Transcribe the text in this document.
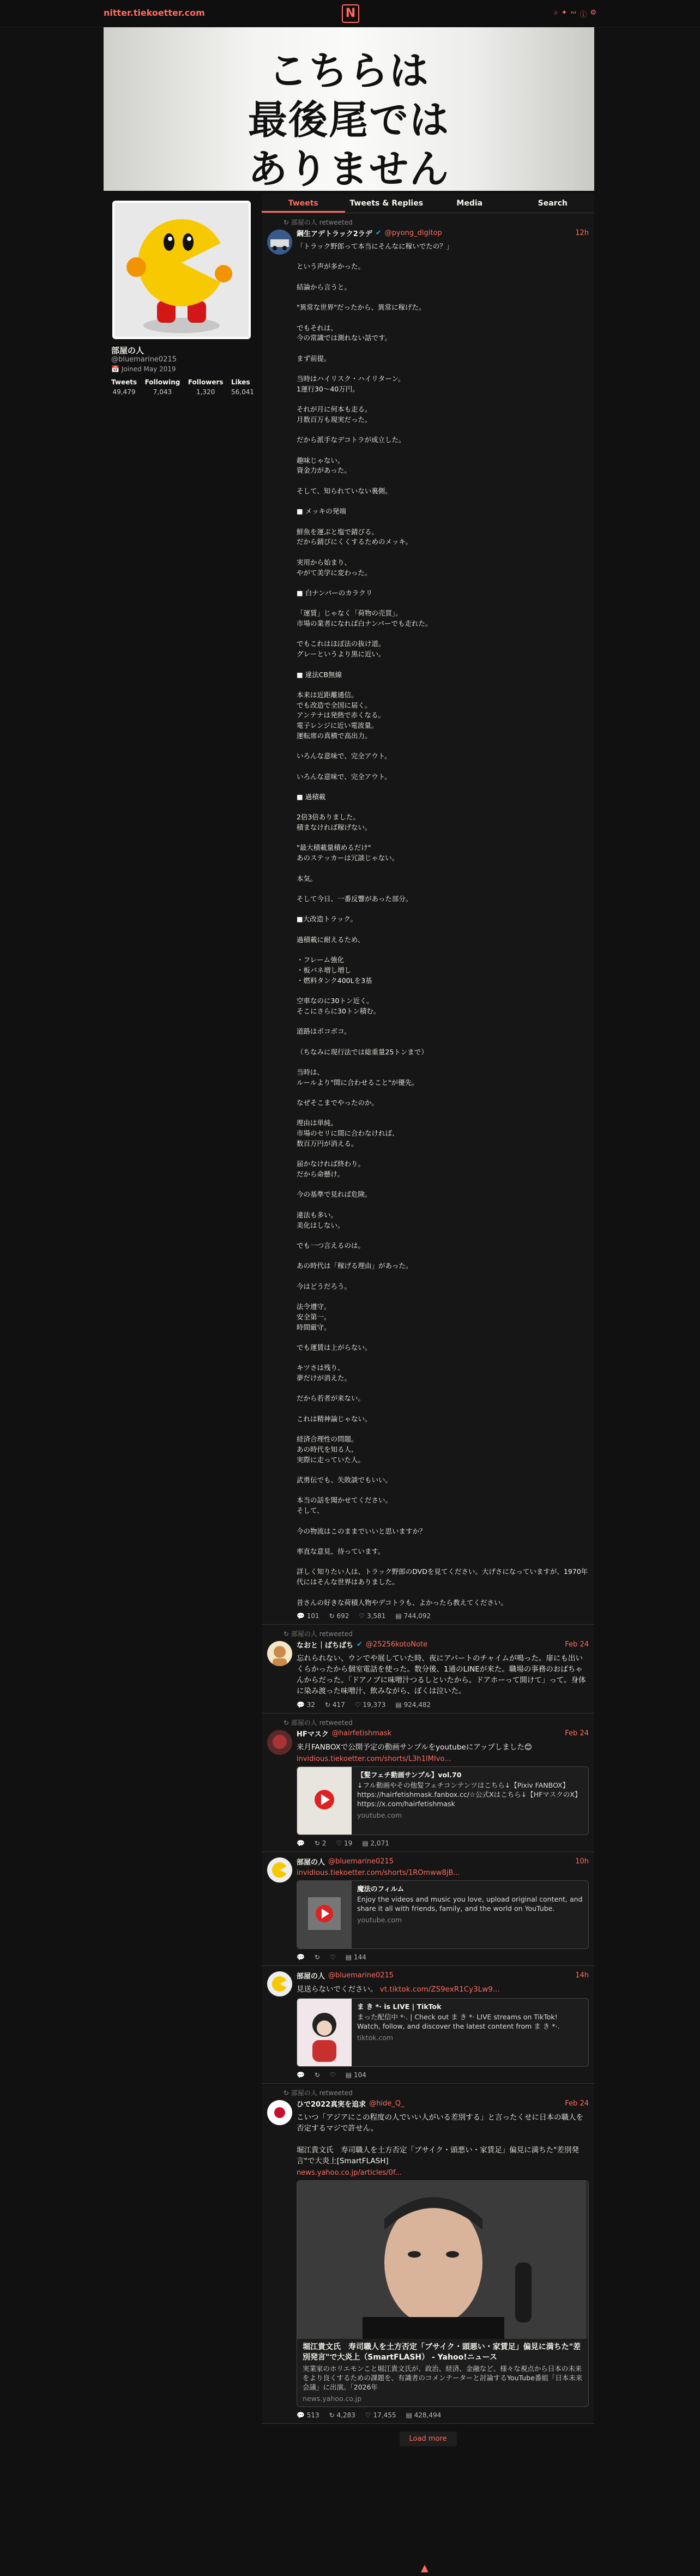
nitter.tiekoetter.com	N	⌕ ✦ ∾ ⓘ ⚙
こちらは
最後尾では
ありません
部屋の人
@bluemarine0215
📅 Joined May 2019
Tweets
49,479
Following
7,043
Followers
1,320
Likes
56,041
Tweets	Tweets & Replies	Media	Search
↻ 部屋の人 retweeted
鋼生アデトラック2ラデ ✔ @pyong_digitop	12h
「トラック野郎って本当にそんなに稼いでたの？」

という声が多かった。

結論から言うと。

"異常な世界"だったから、異常に稼げた。

でもそれは、
今の常識では測れない話です。

まず前提。

当時はハイリスク・ハイリターン。
1運行30〜40万円。

それが月に何本も走る。
月数百万も現実だった。

だから派手なデコトラが成立した。

趣味じゃない。
資金力があった。

そして、知られていない裏側。

■ メッキの発端

鮮魚を運ぶと塩で錆びる。
だから錆びにくくするためのメッキ。

実用から始まり、
やがて美学に変わった。

■ 白ナンバーのカラクリ

「運賃」じゃなく「荷物の売買」。
市場の業者になれば白ナンバーでも走れた。

でもこれはほぼ法の抜け道。
グレーというより黒に近い。

■ 違法CB無線

本来は近距離通信。
でも改造で全国に届く。
アンテナは発熱で赤くなる。
電子レンジに近い電波量。
運転席の真横で高出力。

いろんな意味で、完全アウト。

いろんな意味で、完全アウト。

■ 過積載

2倍3倍ありました。
積まなければ稼げない。

"最大積載量積めるだけ"
あのステッカーは冗談じゃない。

本気。

そして今日、一番反響があった部分。

■大改造トラック。

過積載に耐えるため、

・フレーム強化
・板バネ増し増し
・燃料タンク400Lを3基

空車なのに30トン近く。
そこにさらに30トン積む。

道路はボコボコ。

（ちなみに現行法では総重量25トンまで）

当時は、
ルールより"間に合わせること"が優先。

なぜそこまでやったのか。

理由は単純。
市場のセリに間に合わなければ、
数百万円が消える。

届かなければ終わり。
だから命懸け。

今の基準で見れば危険。

違法も多い。
美化はしない。

でも一つ言えるのは。

あの時代は「稼げる理由」があった。

今はどうだろう。

法令遵守。
安全第一。
時間厳守。

でも運賃は上がらない。

キツさは残り、
夢だけが消えた。

だから若者が来ない。

これは精神論じゃない。

経済合理性の問題。
あの時代を知る人、
実際に走っていた人。

武勇伝でも、失敗談でもいい。

本当の話を聞かせてください。
そして、

今の物流はこのままでいいと思いますか？

率直な意見、待っています。

詳しく知りたい人は、トラック野郎のDVDを見てください。大げさになっていますが、1970年代にはそんな世界はありました。

昔さんの好きな荷積人物やデコトラも、よかったら教えてください。
💬 101 ↻ 692 ♡ 3,581 ▤ 744,092
↻ 部屋の人 retweeted
なおと｜ばちばち ✔ @25256kotoNote	Feb 24
忘れられない、ウンでや展していた時、夜にアパートのチャイムが鳴った。扉にも出いくらかったから個室電話を使った。数分後、1通のLINEが来た。職場の事務のおばちゃんからだった。「ドアノブに味噌汁つるしといたから。ドアホーって開けて」って。身体に染み渡った味噌汁、飲みながら、ぼくは泣いた。
💬 32 ↻ 417 ♡ 19,373 ▤ 924,482
↻ 部屋の人 retweeted
HFマスク @hairfetishmask	Feb 24
来月FANBOXで公開予定の動画サンプルをyoutubeにアップしました😊
invidious.tiekoetter.com/shorts/L3h1lMIvo...
【髪フェチ動画サンプル】vol.70
↓フル動画やその他髪フェチコンテンツはこちら↓【Pixiv FANBOX】https://hairfetishmask.fanbox.cc/☆公式Xはこちら↓【HFマスクのX】https://x.com/hairfetishmask
youtube.com
💬 ↻ 2 ♡ 19 ▤ 2,071
部屋の人 @bluemarine0215	10h
invidious.tiekoetter.com/shorts/1ROmww8jB...
魔法のフィルム
Enjoy the videos and music you love, upload original content, and share it all with friends, family, and the world on YouTube.
youtube.com
💬 ↻ ♡ ▤ 144
部屋の人 @bluemarine0215	14h
見送らないでください。 vt.tiktok.com/ZS9exR1Cy3Lw9...
ま き *· is LIVE | TikTok
まった配信中 *·. | Check out ま き *· LIVE streams on TikTok! Watch, follow, and discover the latest content from ま き *·.
tiktok.com
💬 ↻ ♡ ▤ 104
↻ 部屋の人 retweeted
ひで2022真実を追求 @hide_Q_	Feb 24
こいつ「アジアにこの程度の人でいい人がいる差別する」と言ったくせに日本の職人を否定するマジで許せん。

堀江貴文氏　寿司職人を土方否定「ブサイク・頭悪い・家賃足」偏見に満ちた"差別発言"で大炎上[SmartFLASH]
news.yahoo.co.jp/articles/0f...
堀江貴文氏　寿司職人を土方否定「ブサイク・頭悪い・家賃足」偏見に満ちた"差別発言"で大炎上（SmartFLASH） - Yahoo!ニュース
実業家のホリエモンこと堀江貴文氏が、政治、経済、金融など、様々な視点から日本の未来をより良くするための課題を、有識者のコメンテーターと討論するYouTube番組「日本未来会議」に出演。「2026年
news.yahoo.co.jp
💬 513 ↻ 4,283 ♡ 17,455 ▤ 428,494
Load more
▲
